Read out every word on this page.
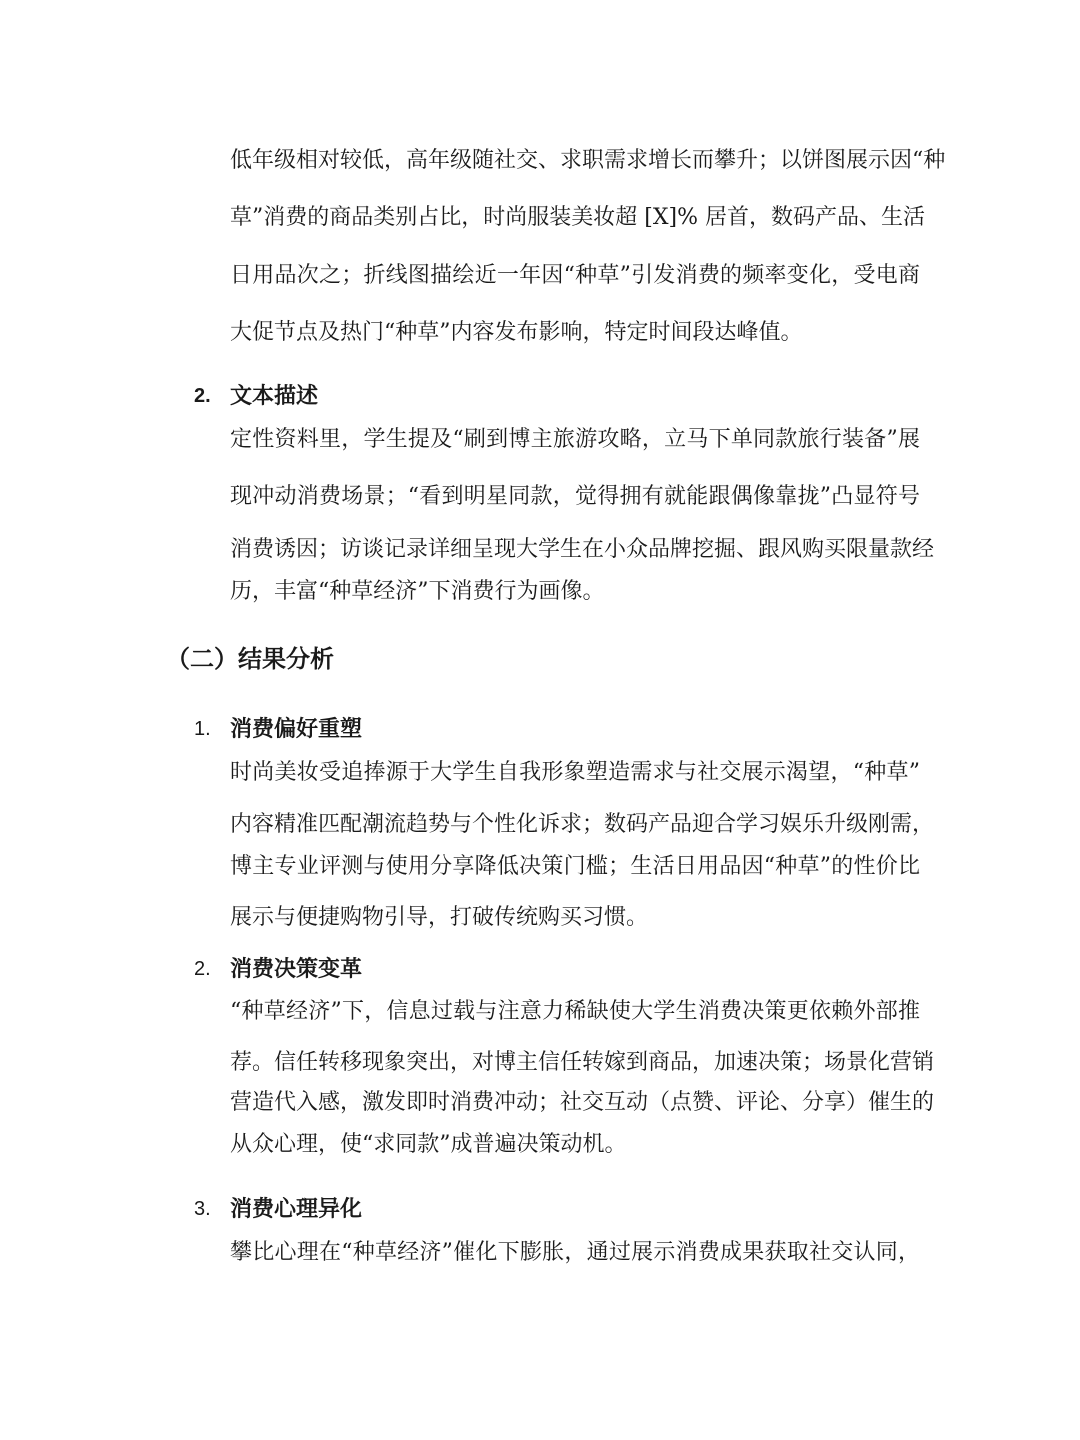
低年级相对较低，高年级随社交、求职需求增长而攀升；以饼图展示因“种
草”消费的商品类别占比，时尚服装美妆超 [X]% 居首，数码产品、生活
日用品次之；折线图描绘近一年因“种草”引发消费的频率变化，受电商
大促节点及热门“种草”内容发布影响，特定时间段达峰值。
2. 文本描述
定性资料里，学生提及“刷到博主旅游攻略，立马下单同款旅行装备”展
现冲动消费场景；“看到明星同款，觉得拥有就能跟偶像靠拢”凸显符号
消费诱因；访谈记录详细呈现大学生在小众品牌挖掘、跟风购买限量款经
历，丰富“种草经济”下消费行为画像。
（二）结果分析
1. 消费偏好重塑
时尚美妆受追捧源于大学生自我形象塑造需求与社交展示渴望，“种草”
内容精准匹配潮流趋势与个性化诉求；数码产品迎合学习娱乐升级刚需，
博主专业评测与使用分享降低决策门槛；生活日用品因“种草”的性价比
展示与便捷购物引导，打破传统购买习惯。
2. 消费决策变革
“种草经济”下，信息过载与注意力稀缺使大学生消费决策更依赖外部推
荐。信任转移现象突出，对博主信任转嫁到商品，加速决策；场景化营销
营造代入感，激发即时消费冲动；社交互动（点赞、评论、分享）催生的
从众心理，使“求同款”成普遍决策动机。
3. 消费心理异化
攀比心理在“种草经济”催化下膨胀，通过展示消费成果获取社交认同，
